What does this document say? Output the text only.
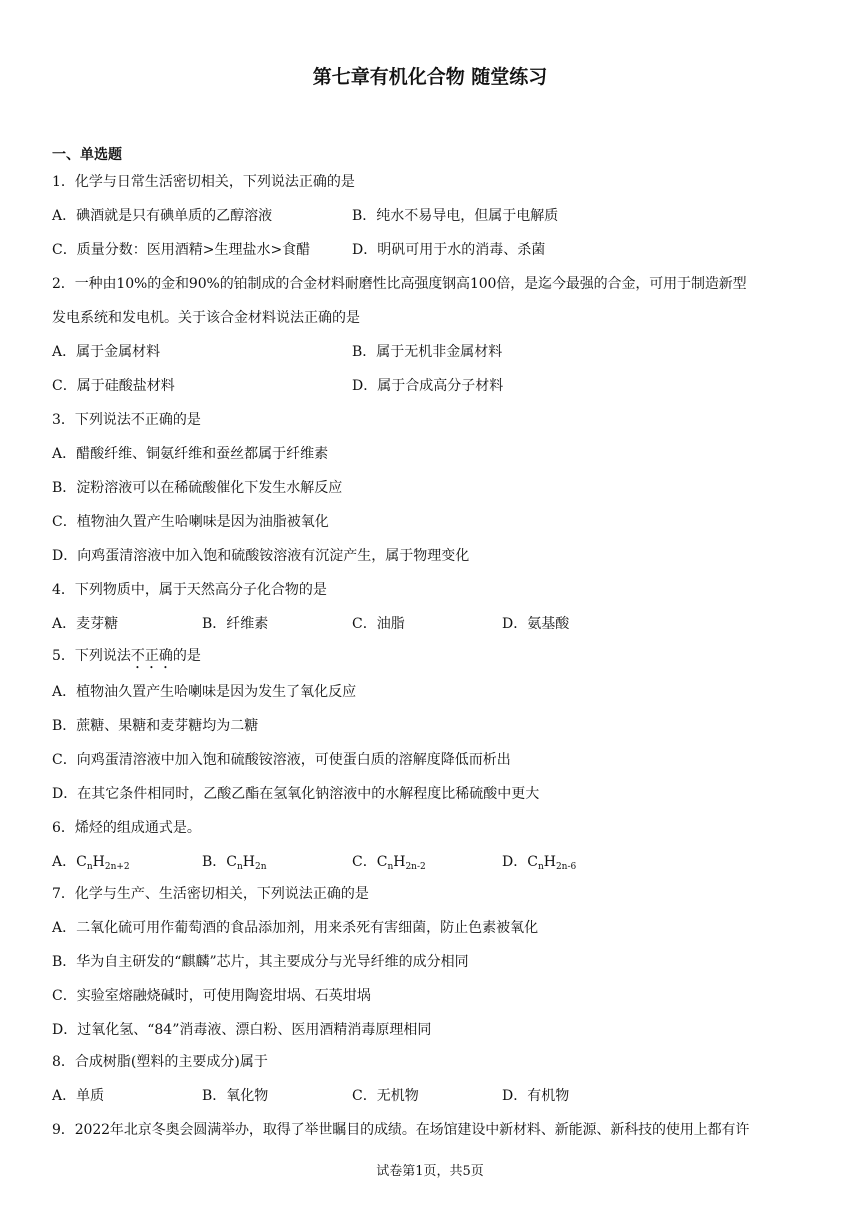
第七章有机化合物 随堂练习
一、单选题
1．化学与日常生活密切相关，下列说法正确的是
A．碘酒就是只有碘单质的乙醇溶液	B．纯水不易导电，但属于电解质
C．质量分数：医用酒精>生理盐水>食醋	D．明矾可用于水的消毒、杀菌
2．一种由10%的金和90%的铂制成的合金材料耐磨性比高强度钢高100倍，是迄今最强的合金，可用于制造新型
发电系统和发电机。关于该合金材料说法正确的是
A．属于金属材料	B．属于无机非金属材料
C．属于硅酸盐材料	D．属于合成高分子材料
3．下列说法不正确的是
A．醋酸纤维、铜氨纤维和蚕丝都属于纤维素
B．淀粉溶液可以在稀硫酸催化下发生水解反应
C．植物油久置产生哈喇味是因为油脂被氧化
D．向鸡蛋清溶液中加入饱和硫酸铵溶液有沉淀产生，属于物理变化
4．下列物质中，属于天然高分子化合物的是
A．麦芽糖	B．纤维素	C．油脂	D．氨基酸
5．下列说法不正确的是
A．植物油久置产生哈喇味是因为发生了氧化反应
B．蔗糖、果糖和麦芽糖均为二糖
C．向鸡蛋清溶液中加入饱和硫酸铵溶液，可使蛋白质的溶解度降低而析出
D．在其它条件相同时，乙酸乙酯在氢氧化钠溶液中的水解程度比稀硫酸中更大
6．烯烃的组成通式是。
A．$C_nH_{2n+2}$	B．$C_nH_{2n}$	C．$C_nH_{2n-2}$	D．$C_nH_{2n-6}$
7．化学与生产、生活密切相关，下列说法正确的是
A．二氧化硫可用作葡萄酒的食品添加剂，用来杀死有害细菌，防止色素被氧化
B．华为自主研发的“麒麟”芯片，其主要成分与光导纤维的成分相同
C．实验室熔融烧碱时，可使用陶瓷坩埚、石英坩埚
D．过氧化氢、“84”消毒液、漂白粉、医用酒精消毒原理相同
8．合成树脂(塑料的主要成分)属于
A．单质	B．氧化物	C．无机物	D．有机物
9．2022年北京冬奥会圆满举办，取得了举世瞩目的成绩。在场馆建设中新材料、新能源、新科技的使用上都有许
试卷第1页，共5页
